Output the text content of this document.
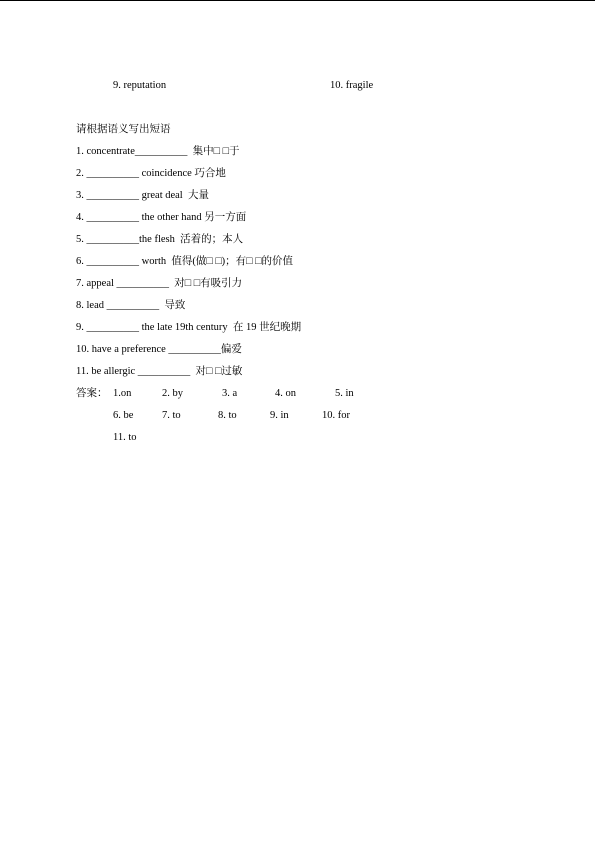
9. reputation	10. fragile
请根据语义写出短语
1. concentrate__________  集中□ □于
2. __________ coincidence 巧合地
3. __________ great deal  大量
4. __________ the other hand 另一方面
5. __________the flesh  活着的；本人
6. __________ worth  值得(做□ □)；有□ □的价值
7. appeal __________  对□ □有吸引力
8. lead __________  导致
9. __________ the late 19th century  在 19 世纪晚期
10. have a preference __________偏爱
11. be allergic __________  对□ □过敏

答案：

1.on

	2. by

	3. a

	4. on

	5. in

6. be

	7. to

	8. to

	9. in

	10. for

11. to
